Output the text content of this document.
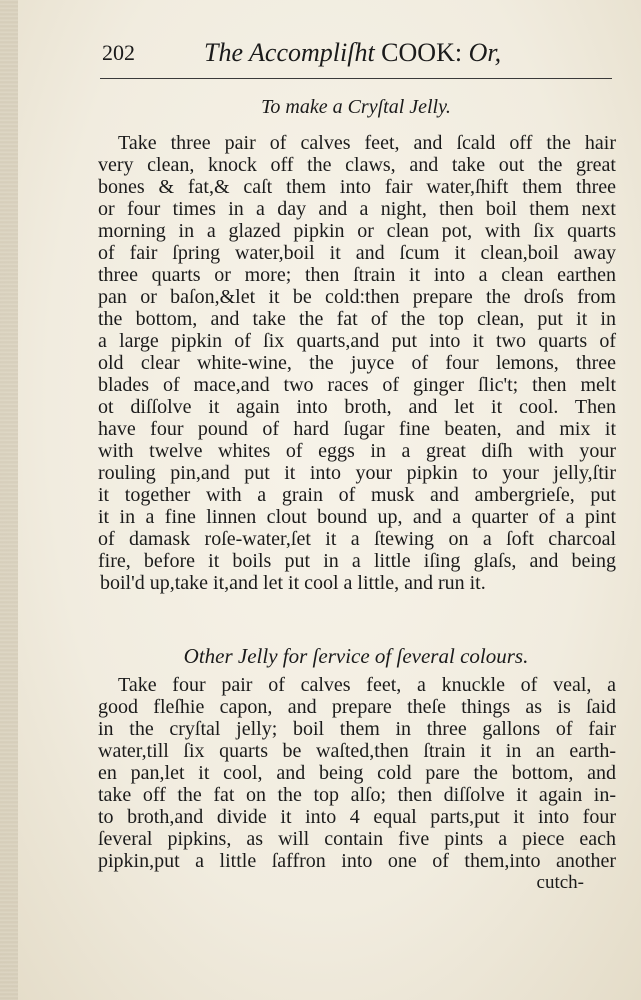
202	The Accompliſht COOK: Or,
To make a Cryſtal Jelly.
Take three pair of calves feet, and ſcald off the hair
very clean, knock off the claws, and take out the great
bones & fat,& caſt them into fair water,ſhift them three
or four times in a day and a night, then boil them next
morning in a glazed pipkin or clean pot, with ſix quarts
of fair ſpring water,boil it and ſcum it clean,boil away
three quarts or more; then ſtrain it into a clean earthen
pan or baſon,&let it be cold:then prepare the droſs from
the bottom, and take the fat of the top clean, put it in
a large pipkin of ſix quarts,and put into it two quarts of
old clear white-wine, the juyce of four lemons, three
blades of mace,and two races of ginger ſlic't; then melt
ot diſſolve it again into broth, and let it cool. Then
have four pound of hard ſugar fine beaten, and mix it
with twelve whites of eggs in a great diſh with your
rouling pin,and put it into your pipkin to your jelly,ſtir
it together with a grain of musk and ambergrieſe, put
it in a fine linnen clout bound up, and a quarter of a pint
of damask roſe-water,ſet it a ſtewing on a ſoft charcoal
fire, before it boils put in a little iſing glaſs, and being
boil'd up,take it,and let it cool a little, and run it.
Other Jelly for ſervice of ſeveral colours.
Take four pair of calves feet, a knuckle of veal, a
good fleſhie capon, and prepare theſe things as is ſaid
in the cryſtal jelly; boil them in three gallons of fair
water,till ſix quarts be waſted,then ſtrain it in an earth-
en pan,let it cool, and being cold pare the bottom, and
take off the fat on the top alſo; then diſſolve it again in-
to broth,and divide it into 4 equal parts,put it into four
ſeveral pipkins, as will contain five pints a piece each
pipkin,put a little ſaffron into one of them,into another
cutch-
